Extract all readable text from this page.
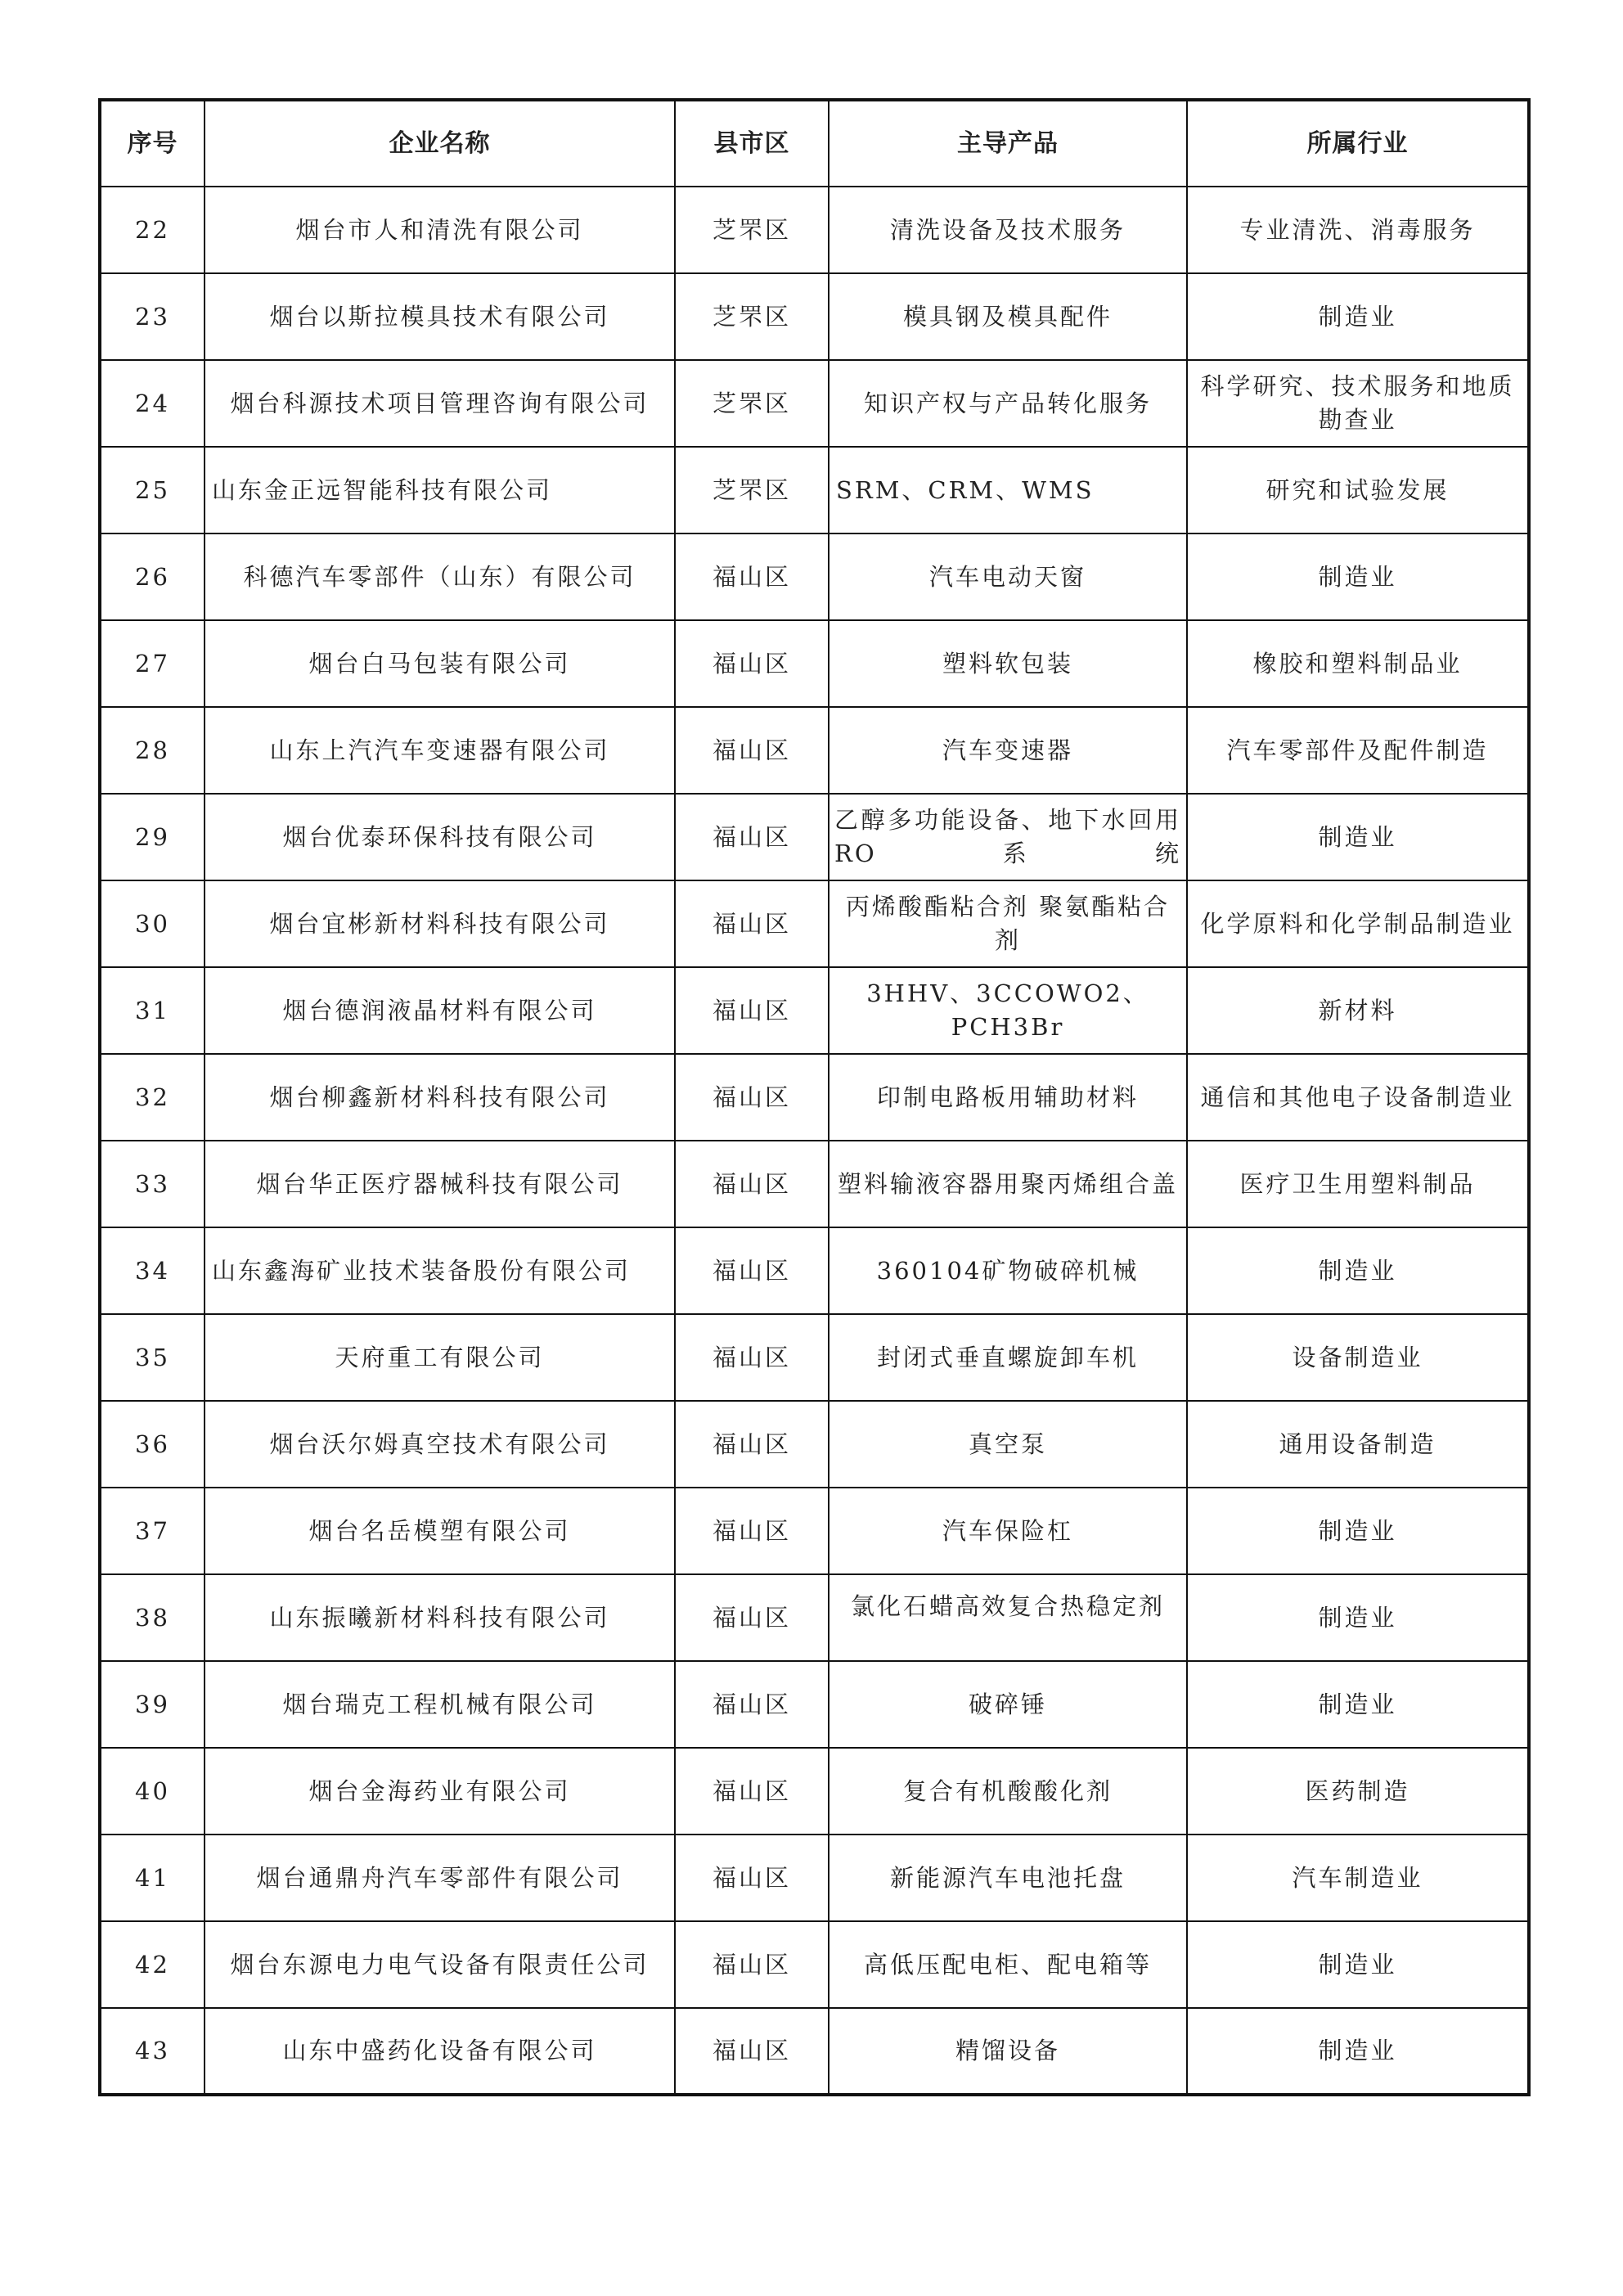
序号	企业名称	县市区	主导产品	所属行业
22	烟台市人和清洗有限公司	芝罘区	清洗设备及技术服务	专业清洗、消毒服务
23	烟台以斯拉模具技术有限公司	芝罘区	模具钢及模具配件	制造业
24	烟台科源技术项目管理咨询有限公司	芝罘区	知识产权与产品转化服务	科学研究、技术服务和地质勘查业
25	山东金正远智能科技有限公司	芝罘区	SRM、CRM、WMS	研究和试验发展
26	科德汽车零部件（山东）有限公司	福山区	汽车电动天窗	制造业
27	烟台白马包装有限公司	福山区	塑料软包装	橡胶和塑料制品业
28	山东上汽汽车变速器有限公司	福山区	汽车变速器	汽车零部件及配件制造
29	烟台优泰环保科技有限公司	福山区	乙醇多功能设备、地下水回用RO系统	制造业
30	烟台宜彬新材料科技有限公司	福山区	丙烯酸酯粘合剂 聚氨酯粘合剂	化学原料和化学制品制造业
31	烟台德润液晶材料有限公司	福山区	3HHV、3CCOWO2、PCH3Br	新材料
32	烟台柳鑫新材料科技有限公司	福山区	印制电路板用辅助材料	通信和其他电子设备制造业
33	烟台华正医疗器械科技有限公司	福山区	塑料输液容器用聚丙烯组合盖	医疗卫生用塑料制品
34	山东鑫海矿业技术装备股份有限公司	福山区	360104矿物破碎机械	制造业
35	天府重工有限公司	福山区	封闭式垂直螺旋卸车机	设备制造业
36	烟台沃尔姆真空技术有限公司	福山区	真空泵	通用设备制造
37	烟台名岳模塑有限公司	福山区	汽车保险杠	制造业
38	山东振曦新材料科技有限公司	福山区	氯化石蜡高效复合热稳定剂	制造业
39	烟台瑞克工程机械有限公司	福山区	破碎锤	制造业
40	烟台金海药业有限公司	福山区	复合有机酸酸化剂	医药制造
41	烟台通鼎舟汽车零部件有限公司	福山区	新能源汽车电池托盘	汽车制造业
42	烟台东源电力电气设备有限责任公司	福山区	高低压配电柜、配电箱等	制造业
43	山东中盛药化设备有限公司	福山区	精馏设备	制造业
